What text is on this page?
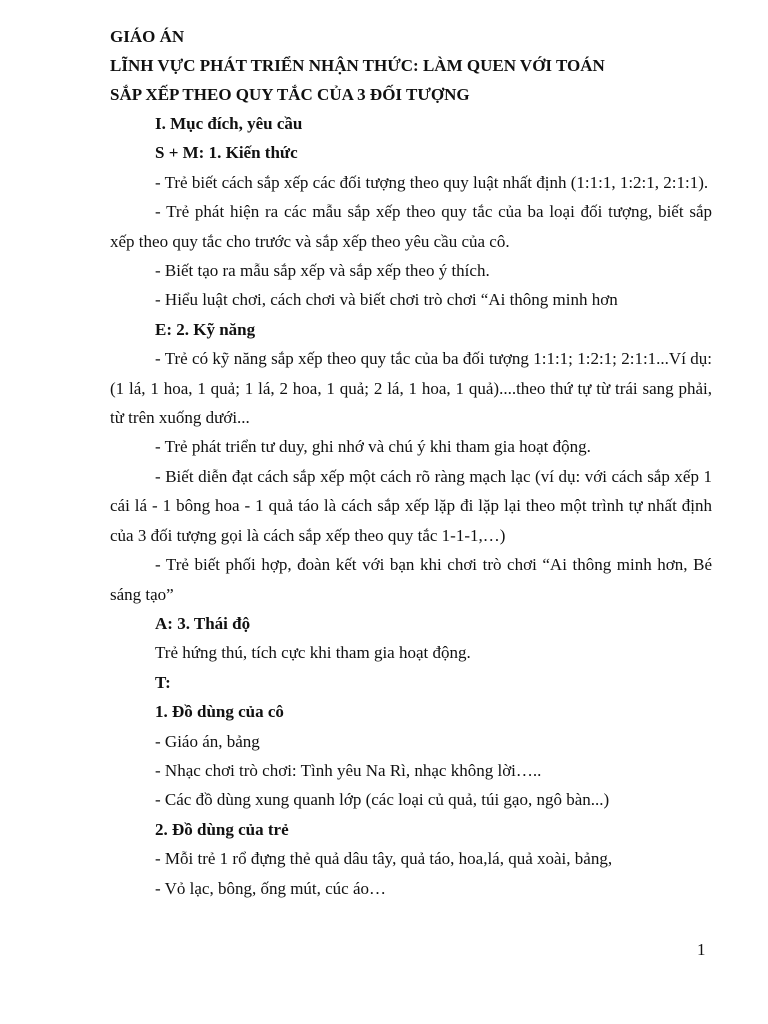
GIÁO ÁN

LĨNH VỰC PHÁT TRIỂN NHẬN THỨC: LÀM QUEN VỚI TOÁN

SẮP XẾP THEO QUY TẮC CỦA 3 ĐỐI TƯỢNG

I. Mục đích, yêu cầu

S + M: 1. Kiến thức

- Trẻ biết cách sắp xếp các đối tượng theo quy luật nhất định (1:1:1, 1:2:1, 2:1:1).

- Trẻ phát hiện ra các mẫu sắp xếp theo quy tắc của ba loại đối tượng, biết sắp xếp theo quy tắc cho trước và sắp xếp theo yêu cầu của cô.

- Biết tạo ra mẫu sắp xếp và sắp xếp theo ý thích.

- Hiểu luật chơi, cách chơi và biết chơi trò chơi “Ai thông minh hơn

E: 2. Kỹ năng

- Trẻ có kỹ năng sắp xếp theo quy tắc của ba đối tượng 1:1:1; 1:2:1; 2:1:1...Ví dụ: (1 lá, 1 hoa, 1 quả; 1 lá, 2 hoa, 1 quả; 2 lá, 1 hoa, 1 quả)....theo thứ tự từ trái sang phải, từ trên xuống dưới...

- Trẻ phát triển tư duy, ghi nhớ và chú ý khi tham gia hoạt động.

- Biết diễn đạt cách sắp xếp một cách rõ ràng mạch lạc (ví dụ: với cách sắp xếp 1 cái lá - 1 bông hoa - 1 quả táo là cách sắp xếp lặp đi lặp lại theo một trình tự nhất định của 3 đối tượng gọi là cách sắp xếp theo quy tắc 1-1-1,…)

- Trẻ biết phối hợp, đoàn kết với bạn khi chơi trò chơi “Ai thông minh hơn, Bé sáng tạo”

A: 3. Thái độ

Trẻ hứng thú, tích cực khi tham gia hoạt động.

T:

1. Đồ dùng của cô

- Giáo án, bảng

- Nhạc chơi trò chơi: Tình yêu Na Rì, nhạc không lời…..

- Các đồ dùng xung quanh lớp (các loại củ quả, túi gạo, ngô bàn...)

2. Đồ dùng của trẻ

- Mỗi trẻ 1 rổ đựng thẻ quả dâu tây, quả táo, hoa,lá, quả xoài, bảng,

- Vỏ lạc, bông, ống mút, cúc áo…

1
